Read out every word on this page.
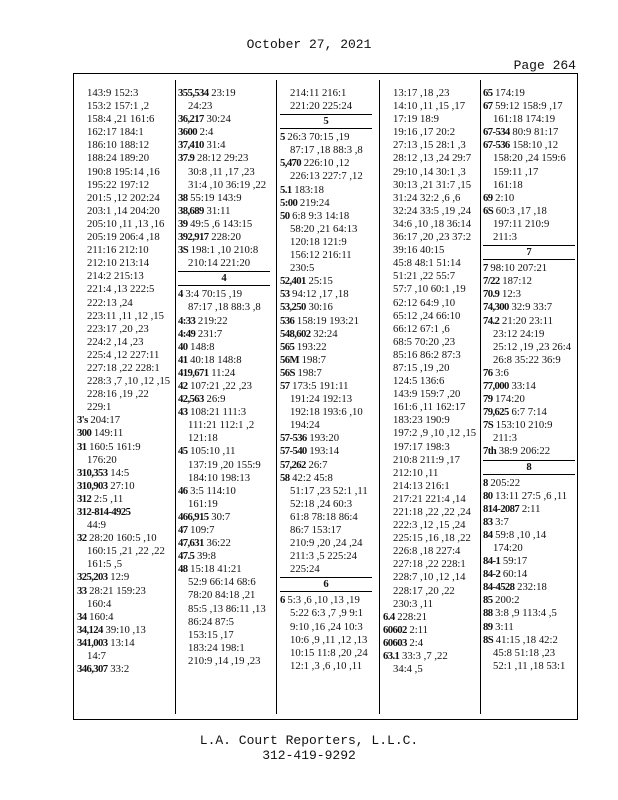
October 27, 2021
Page 264
143:9 152:3
153:2 157:1 ,2
158:4 ,21 161:6
162:17 184:1
186:10 188:12
188:24 189:20
190:8 195:14 ,16
195:22 197:12
201:5 ,12 202:24
203:1 ,14 204:20
205:10 ,11 ,13 ,16
205:19 206:4 ,18
211:16 212:10
212:10 213:14
214:2 215:13
221:4 ,13 222:5
222:13 ,24
223:11 ,11 ,12 ,15
223:17 ,20 ,23
224:2 ,14 ,23
225:4 ,12 227:11
227:18 ,22 228:1
228:3 ,7 ,10 ,12 ,15
228:16 ,19 ,22
229:1
3's 204:17
300 149:11
31 160:5 161:9
176:20
310,353 14:5
310,903 27:10
312 2:5 ,11
312-814-4925
44:9
32 28:20 160:5 ,10
160:15 ,21 ,22 ,22
161:5 ,5
325,203 12:9
33 28:21 159:23
160:4
34 160:4
34,124 39:10 ,13
341,003 13:14
14:7
346,307 33:2
355,534 23:19
24:23
36,217 30:24
3600 2:4
37,410 31:4
37.9 28:12 29:23
30:8 ,11 ,17 ,23
31:4 ,10 36:19 ,22
38 55:19 143:9
38,689 31:11
39 49:5 ,6 143:15
392,917 228:20
3S 198:1 ,10 210:8
210:14 221:20
4
4 3:4 70:15 ,19
87:17 ,18 88:3 ,8
4:33 219:22
4:49 231:7
40 148:8
41 40:18 148:8
419,671 11:24
42 107:21 ,22 ,23
42,563 26:9
43 108:21 111:3
111:21 112:1 ,2
121:18
45 105:10 ,11
137:19 ,20 155:9
184:10 198:13
46 3:5 114:10
161:19
466,915 30:7
47 109:7
47,631 36:22
47.5 39:8
48 15:18 41:21
52:9 66:14 68:6
78:20 84:18 ,21
85:5 ,13 86:11 ,13
86:24 87:5
153:15 ,17
183:24 198:1
210:9 ,14 ,19 ,23
214:11 216:1
221:20 225:24
5
5 26:3 70:15 ,19
87:17 ,18 88:3 ,8
5,470 226:10 ,12
226:13 227:7 ,12
5.1 183:18
5:00 219:24
50 6:8 9:3 14:18
58:20 ,21 64:13
120:18 121:9
156:12 216:11
230:5
52,401 25:15
53 94:12 ,17 ,18
53,250 30:16
536 158:19 193:21
548,602 32:24
565 193:22
56M 198:7
56S 198:7
57 173:5 191:11
191:24 192:13
192:18 193:6 ,10
194:24
57-536 193:20
57-540 193:14
57,262 26:7
58 42:2 45:8
51:17 ,23 52:1 ,11
52:18 ,24 60:3
61:8 78:18 86:4
86:7 153:17
210:9 ,20 ,24 ,24
211:3 ,5 225:24
225:24
6
6 5:3 ,6 ,10 ,13 ,19
5:22 6:3 ,7 ,9 9:1
9:10 ,16 ,24 10:3
10:6 ,9 ,11 ,12 ,13
10:15 11:8 ,20 ,24
12:1 ,3 ,6 ,10 ,11
13:17 ,18 ,23
14:10 ,11 ,15 ,17
17:19 18:9
19:16 ,17 20:2
27:13 ,15 28:1 ,3
28:12 ,13 ,24 29:7
29:10 ,14 30:1 ,3
30:13 ,21 31:7 ,15
31:24 32:2 ,6 ,6
32:24 33:5 ,19 ,24
34:6 ,10 ,18 36:14
36:17 ,20 ,23 37:2
39:16 40:15
45:8 48:1 51:14
51:21 ,22 55:7
57:7 ,10 60:1 ,19
62:12 64:9 ,10
65:12 ,24 66:10
66:12 67:1 ,6
68:5 70:20 ,23
85:16 86:2 87:3
87:15 ,19 ,20
124:5 136:6
143:9 159:7 ,20
161:6 ,11 162:17
183:23 190:9
197:2 ,9 ,10 ,12 ,15
197:17 198:3
210:8 211:9 ,17
212:10 ,11
214:13 216:1
217:21 221:4 ,14
221:18 ,22 ,22 ,24
222:3 ,12 ,15 ,24
225:15 ,16 ,18 ,22
226:8 ,18 227:4
227:18 ,22 228:1
228:7 ,10 ,12 ,14
228:17 ,20 ,22
230:3 ,11
6.4 228:21
60602 2:11
60603 2:4
63.1 33:3 ,7 ,22
34:4 ,5
65 174:19
67 59:12 158:9 ,17
161:18 174:19
67-534 80:9 81:17
67-536 158:10 ,12
158:20 ,24 159:6
159:11 ,17
161:18
69 2:10
6S 60:3 ,17 ,18
197:11 210:9
211:3
7
7 98:10 207:21
7/22 187:12
70.9 12:3
74,300 32:9 33:7
74.2 21:20 23:11
23:12 24:19
25:12 ,19 ,23 26:4
26:8 35:22 36:9
76 3:6
77,000 33:14
79 174:20
79,625 6:7 7:14
7S 153:10 210:9
211:3
7th 38:9 206:22
8
8 205:22
80 13:11 27:5 ,6 ,11
814-2087 2:11
83 3:7
84 59:8 ,10 ,14
174:20
84-1 59:17
84-2 60:14
84-4528 232:18
85 200:2
88 3:8 ,9 113:4 ,5
89 3:11
8S 41:15 ,18 42:2
45:8 51:18 ,23
52:1 ,11 ,18 53:1
L.A. Court Reporters, L.L.C.
312-419-9292
